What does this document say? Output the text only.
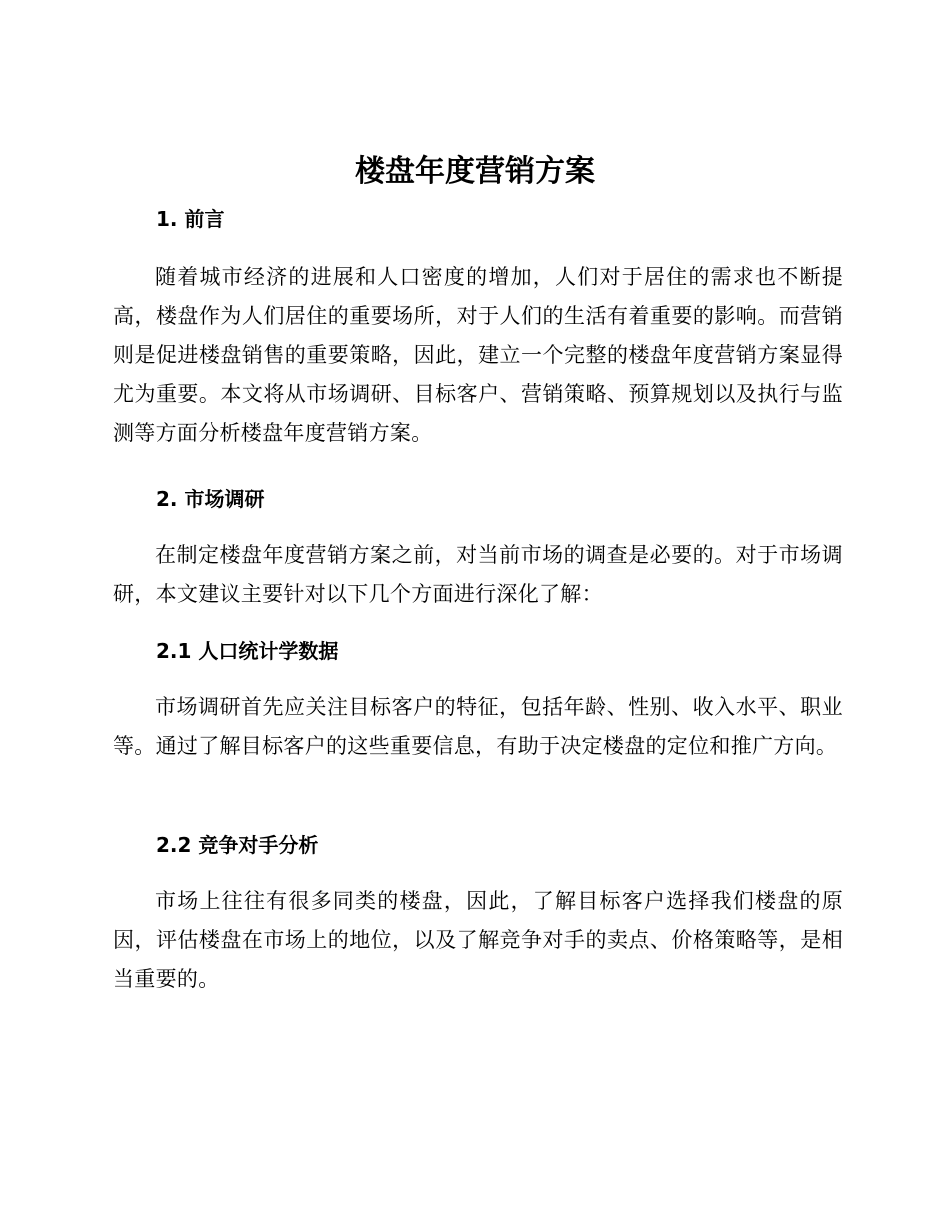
楼盘年度营销方案
1. 前言

随着城市经济的进展和人口密度的增加，人们对于居住的需求也不断提高，楼盘作为人们居住的重要场所，对于人们的生活有着重要的影响。而营销则是促进楼盘销售的重要策略，因此，建立一个完整的楼盘年度营销方案显得尤为重要。本文将从市场调研、目标客户、营销策略、预算规划以及执行与监测等方面分析楼盘年度营销方案。

2. 市场调研

在制定楼盘年度营销方案之前，对当前市场的调查是必要的。对于市场调研，本文建议主要针对以下几个方面进行深化了解：

2.1 人口统计学数据

市场调研首先应关注目标客户的特征，包括年龄、性别、收入水平、职业等。通过了解目标客户的这些重要信息，有助于决定楼盘的定位和推广方向。

2.2 竞争对手分析

市场上往往有很多同类的楼盘，因此，了解目标客户选择我们楼盘的原因，评估楼盘在市场上的地位，以及了解竞争对手的卖点、价格策略等，是相当重要的。
